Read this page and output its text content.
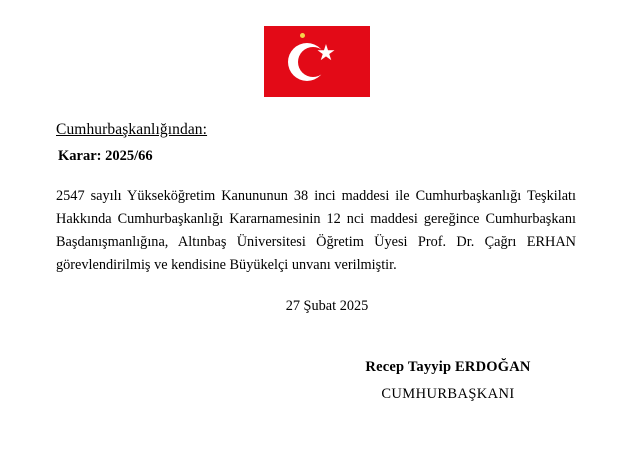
Cumhurbaşkanlığından:
Karar: 2025/66
2547 sayılı Yükseköğretim Kanununun 38 inci maddesi ile Cumhurbaşkanlığı Teşkilatı Hakkında Cumhurbaşkanlığı Kararnamesinin 12 nci maddesi gereğince Cumhurbaşkanı Başdanışmanlığına, Altınbaş Üniversitesi Öğretim Üyesi Prof. Dr. Çağrı ERHAN görevlendirilmiş ve kendisine Büyükelçi unvanı verilmiştir.
27 Şubat 2025
Recep Tayyip ERDOĞAN
CUMHURBAŞKANI
